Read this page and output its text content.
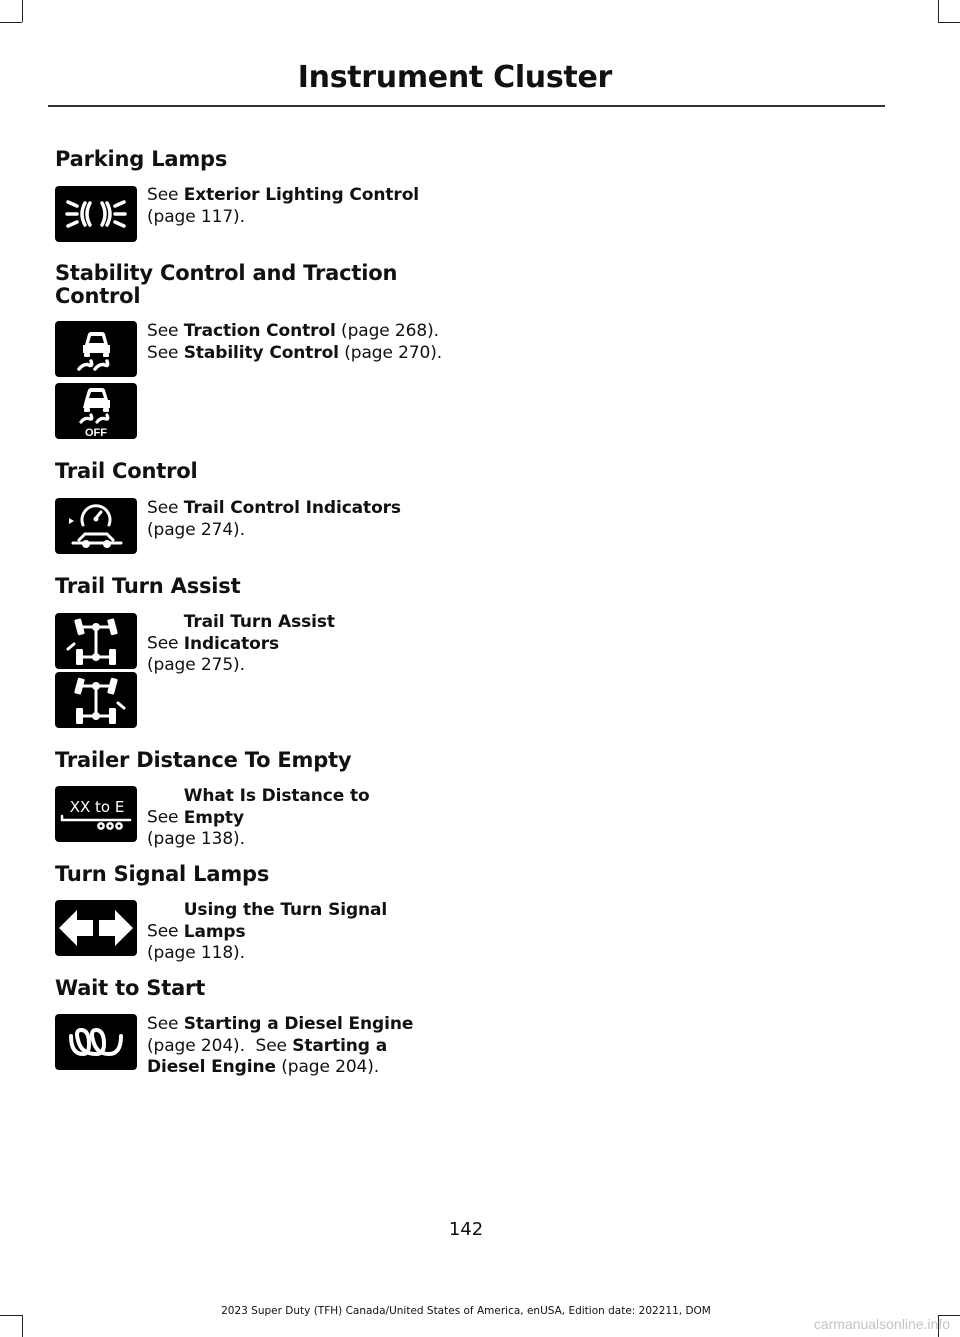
Instrument Cluster
Parking Lamps

See Exterior Lighting Control
(page 117).

Stability Control and Traction Control
OFF

See Traction Control (page 268).  See Stability Control (page 270).

Trail Control

See Trail Control Indicators
(page 274).

Trail Turn Assist

See Trail Turn Assist Indicators (page 275).

Trailer Distance To Empty
XX to E

See What Is Distance to Empty (page 138).

Turn Signal Lamps

See Using the Turn Signal Lamps (page 118).

Wait to Start

See Starting a Diesel Engine (page 204). See Starting a Diesel Engine (page 204).

142
2023 Super Duty (TFH) Canada/United States of America, enUSA, Edition date: 202211, DOM
carmanualsonline.info
